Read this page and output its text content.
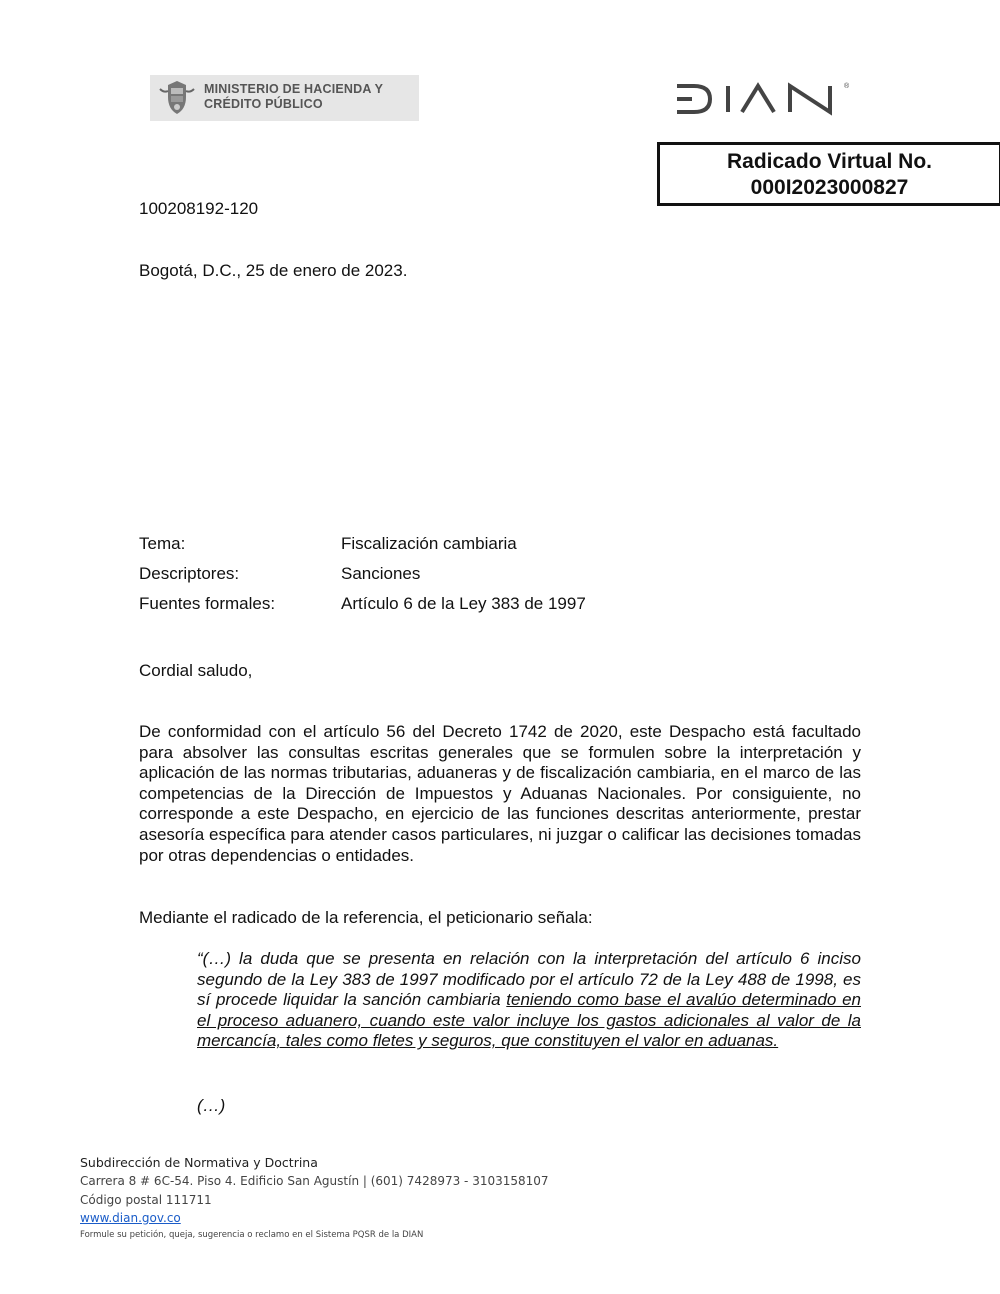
MINISTERIO DE HACIENDA Y
CRÉDITO PÚBLICO
®
Radicado Virtual No.
000I2023000827
100208192-120
Bogotá, D.C., 25 de enero de 2023.
Tema:	Fiscalización cambiaria
Descriptores:	Sanciones
Fuentes formales:	Artículo 6 de la Ley 383 de 1997
Cordial saludo,
De conformidad con el artículo 56 del Decreto 1742 de 2020, este Despacho está facultado para absolver las consultas escritas generales que se formulen sobre la interpretación y aplicación de las normas tributarias, aduaneras y de fiscalización cambiaria, en el marco de las competencias de la Dirección de Impuestos y Aduanas Nacionales. Por consiguiente, no corresponde a este Despacho, en ejercicio de las funciones descritas anteriormente, prestar asesoría específica para atender casos particulares, ni juzgar o calificar las decisiones tomadas por otras dependencias o entidades.
Mediante el radicado de la referencia, el peticionario señala:
“(…) la duda que se presenta en relación con la interpretación del artículo 6 inciso segundo de la Ley 383 de 1997 modificado por el artículo 72 de la Ley 488 de 1998, es sí procede liquidar la sanción cambiaria teniendo como base el avalúo determinado en el proceso aduanero, cuando este valor incluye los gastos adicionales al valor de la mercancía, tales como fletes y seguros, que constituyen el valor en aduanas.
(…)
Subdirección de Normativa y Doctrina
Carrera 8 # 6C-54. Piso 4. Edificio San Agustín | (601) 7428973 - 3103158107
Código postal 111711
www.dian.gov.co
Formule su petición, queja, sugerencia o reclamo en el Sistema PQSR de la DIAN
